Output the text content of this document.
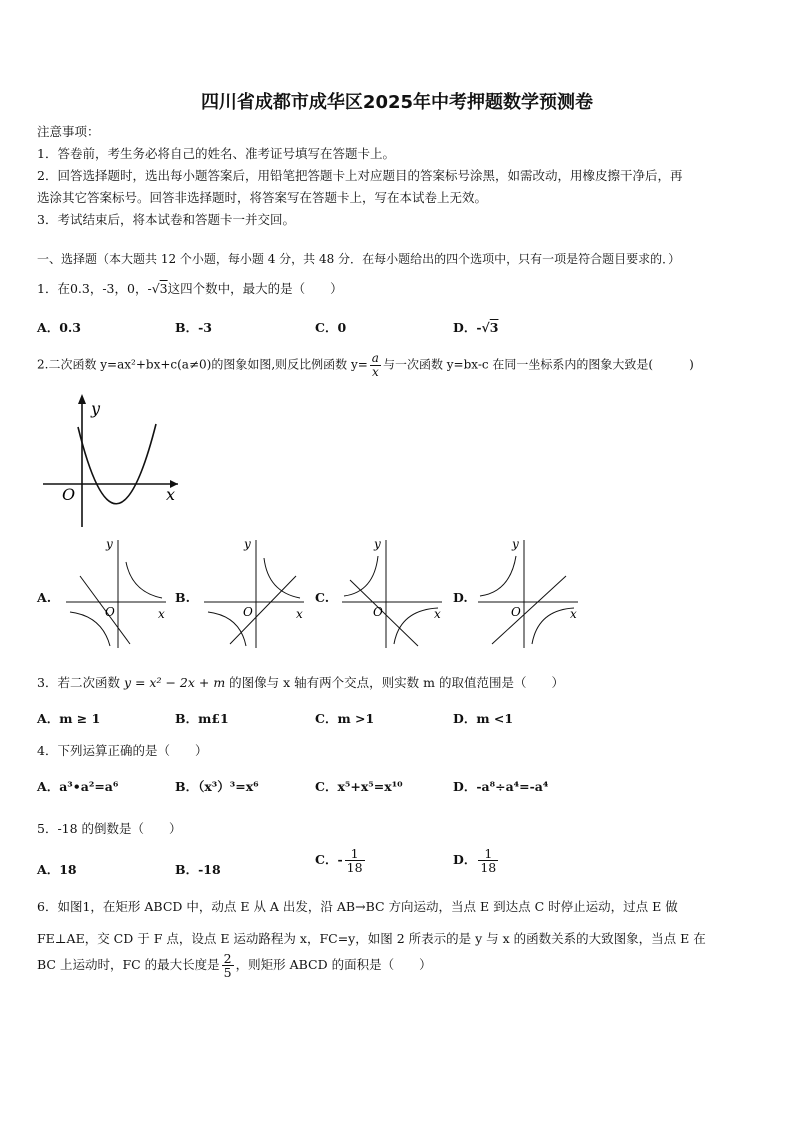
四川省成都市成华区2025年中考押题数学预测卷
注意事项：
1．答卷前，考生务必将自己的姓名、准考证号填写在答题卡上。
2．回答选择题时，选出每小题答案后，用铅笔把答题卡上对应题目的答案标号涂黑，如需改动，用橡皮擦干净后，再
选涂其它答案标号。回答非选择题时，将答案写在答题卡上，写在本试卷上无效。
3．考试结束后，将本试卷和答题卡一并交回。
一、选择题（本大题共 12 个小题，每小题 4 分，共 48 分．在每小题给出的四个选项中，只有一项是符合题目要求的．）
1．在0.3，-3，0，-√3这四个数中，最大的是（　　）
A．0.3	B．-3	C．0	D．-√3
2.二次函数 y=ax²+bx+c(a≠0)的图象如图,则反比例函数 $y= \frac{a}{x}$ 与一次函数 y=bx-c 在同一坐标系内的图象大致是(　　　)
y
x
O
A.
y
x
O
B.
y
x
O
C.
y
x
O
D.
y
x
O
3．若二次函数 y = x² − 2x + m 的图像与 x 轴有两个交点，则实数 m 的取值范围是（　　）
A．m ≥ 1	B．m£1	C．m >1	D．m <1
4．下列运算正确的是（　　）
A．a³•a²=a⁶	B．（x³）³=x⁶	C．x⁵+x⁵=x¹⁰	D．-a⁸÷a⁴=-a⁴
5．-18 的倒数是（　　）
A．18	B．-18
C．- $\frac{1}{18}$	D． $\frac{1}{18}$
6．如图1，在矩形 ABCD 中，动点 E 从 A 出发，沿 AB→BC 方向运动，当点 E 到达点 C 时停止运动，过点 E 做
FE⊥AE，交 CD 于 F 点，设点 E 运动路程为 x，FC=y，如图 2 所表示的是 y 与 x 的函数关系的大致图象，当点 E 在
BC 上运动时，FC 的最大长度是 $\frac{2}{5}$ ，则矩形 ABCD 的面积是（　　）
